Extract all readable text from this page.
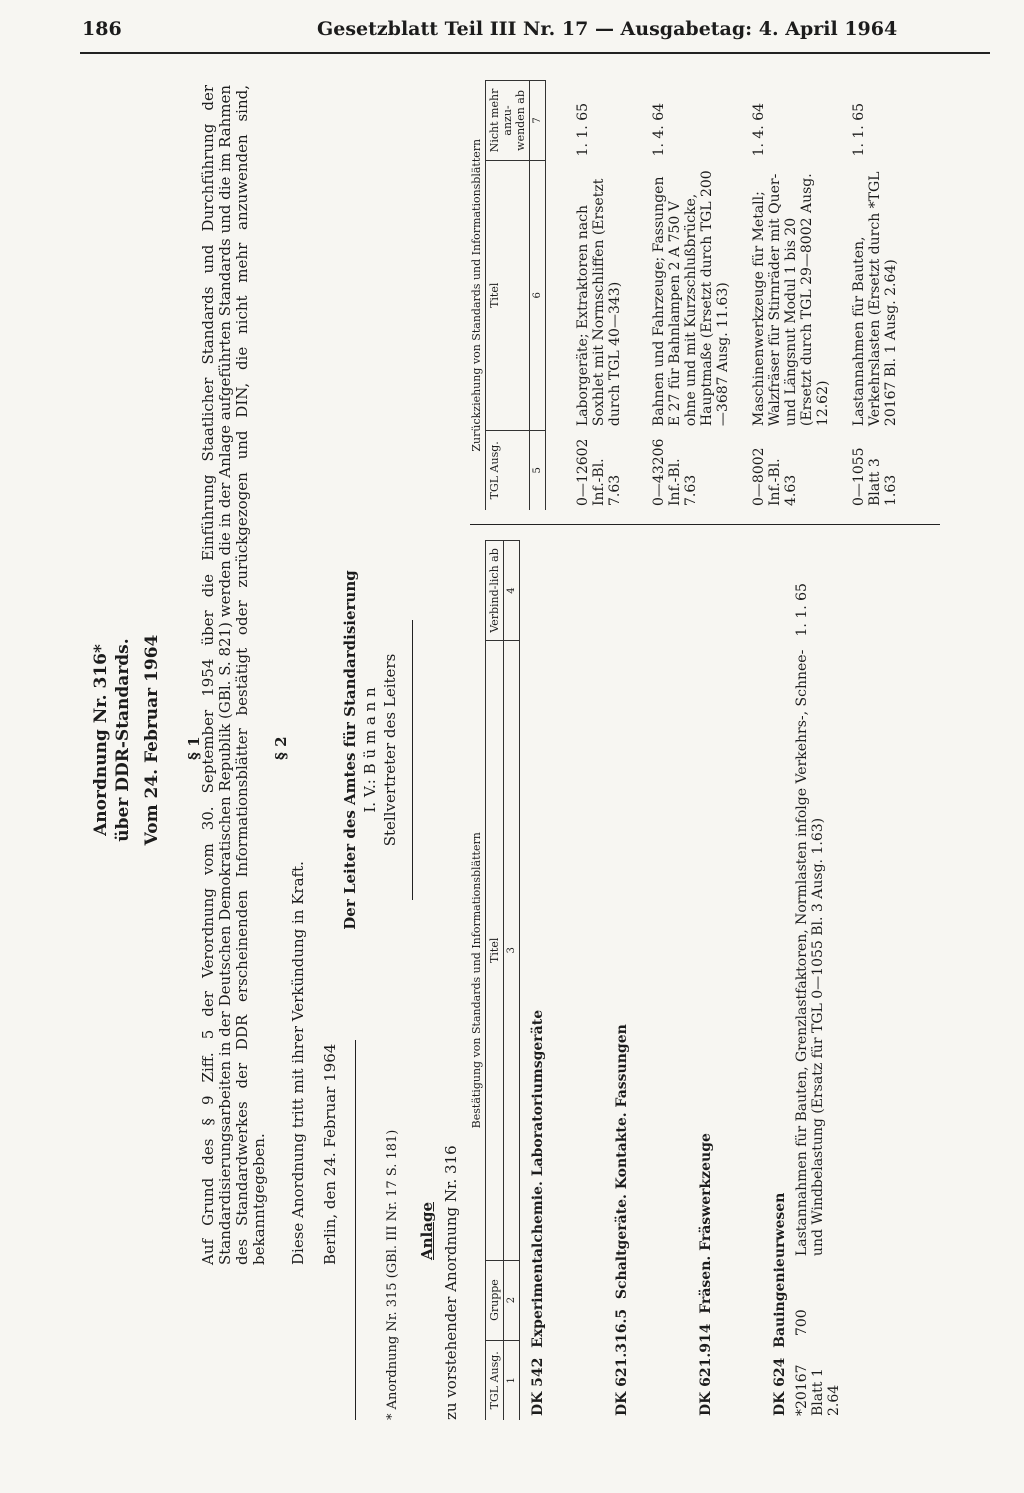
186	Gesetzblatt Teil III Nr. 17 — Ausgabetag: 4. April 1964
Anordnung Nr. 316* über DDR-Standards. Vom 24. Februar 1964 § 1
Auf Grund des § 9 Ziff. 5 der Verordnung vom 30. September 1954 über die Einführung Staatlicher Standards und Durchführung der Standardisierungsarbeiten in der Deutschen Demokratischen Republik (GBl. S. 821) werden die in der Anlage aufgeführten Standards und die im Rahmen des Standardwerkes der DDR erscheinenden Informationsblätter bestätigt oder zurückgezogen und DIN, die nicht mehr anzuwenden sind, bekanntgegeben.
§ 2
Diese Anordnung tritt mit ihrer Verkündung in Kraft. Berlin, den 24. Februar 1964
Der Leiter des Amtes für Standardisierung I. V.: B ü m a n n Stellvertreter des Leiters
* Anordnung Nr. 315 (GBl. III Nr. 17 S. 181) Anlage zu vorstehender Anordnung Nr. 316
Bestätigung von Standards und Informationsblättern			
TGL Ausg.	Gruppe	Titel	Verbind-lich ab
1	2	3	4
DK 542  Experimentalchemie. Laboratoriumsgeräte			

DK 621.316.5  Schaltgeräte. Kontakte. Fassungen			

DK 621.914  Fräsen. Fräswerkzeuge			

DK 624  Bauingenieurwesen			
*20167 Blatt 1 2.64	700	Lastannahmen für Bauten, Grenzlastfaktoren, Normlasten infolge Verkehrs-, Schnee- und Windbelastung (Ersatz für TGL 0—1055 Bl. 3 Ausg. 1.63)	1. 1. 65
Zurückziehung von Standards und Informationsblättern		
TGL Ausg.	Titel	Nicht mehr anzu-wenden ab
5	6	7

0—12602 Inf.-Bl. 7.63	Laborgeräte; Extraktoren nach Soxhlet mit Normschliffen (Ersetzt durch TGL 40—343)	1. 1. 65

0—43206 Inf.-Bl. 7.63	Bahnen und Fahrzeuge; Fassungen E 27 für Bahnlampen 2 A 750 V ohne und mit Kurzschlußbrücke, Hauptmaße (Ersetzt durch TGL 200—3687 Ausg. 11.63)	1. 4. 64

0—8002 Inf.-Bl. 4.63	Maschinenwerkzeuge für Metall; Walzfräser für Stirnräder mit Quer- und Längsnut Modul 1 bis 20 (Ersetzt durch TGL 29—8002 Ausg. 12.62)	1. 4. 64

0—1055 Blatt 3 1.63	Lastannahmen für Bauten, Verkehrslasten (Ersetzt durch *TGL 20167 Bl. 1 Ausg. 2.64)	1. 1. 65
